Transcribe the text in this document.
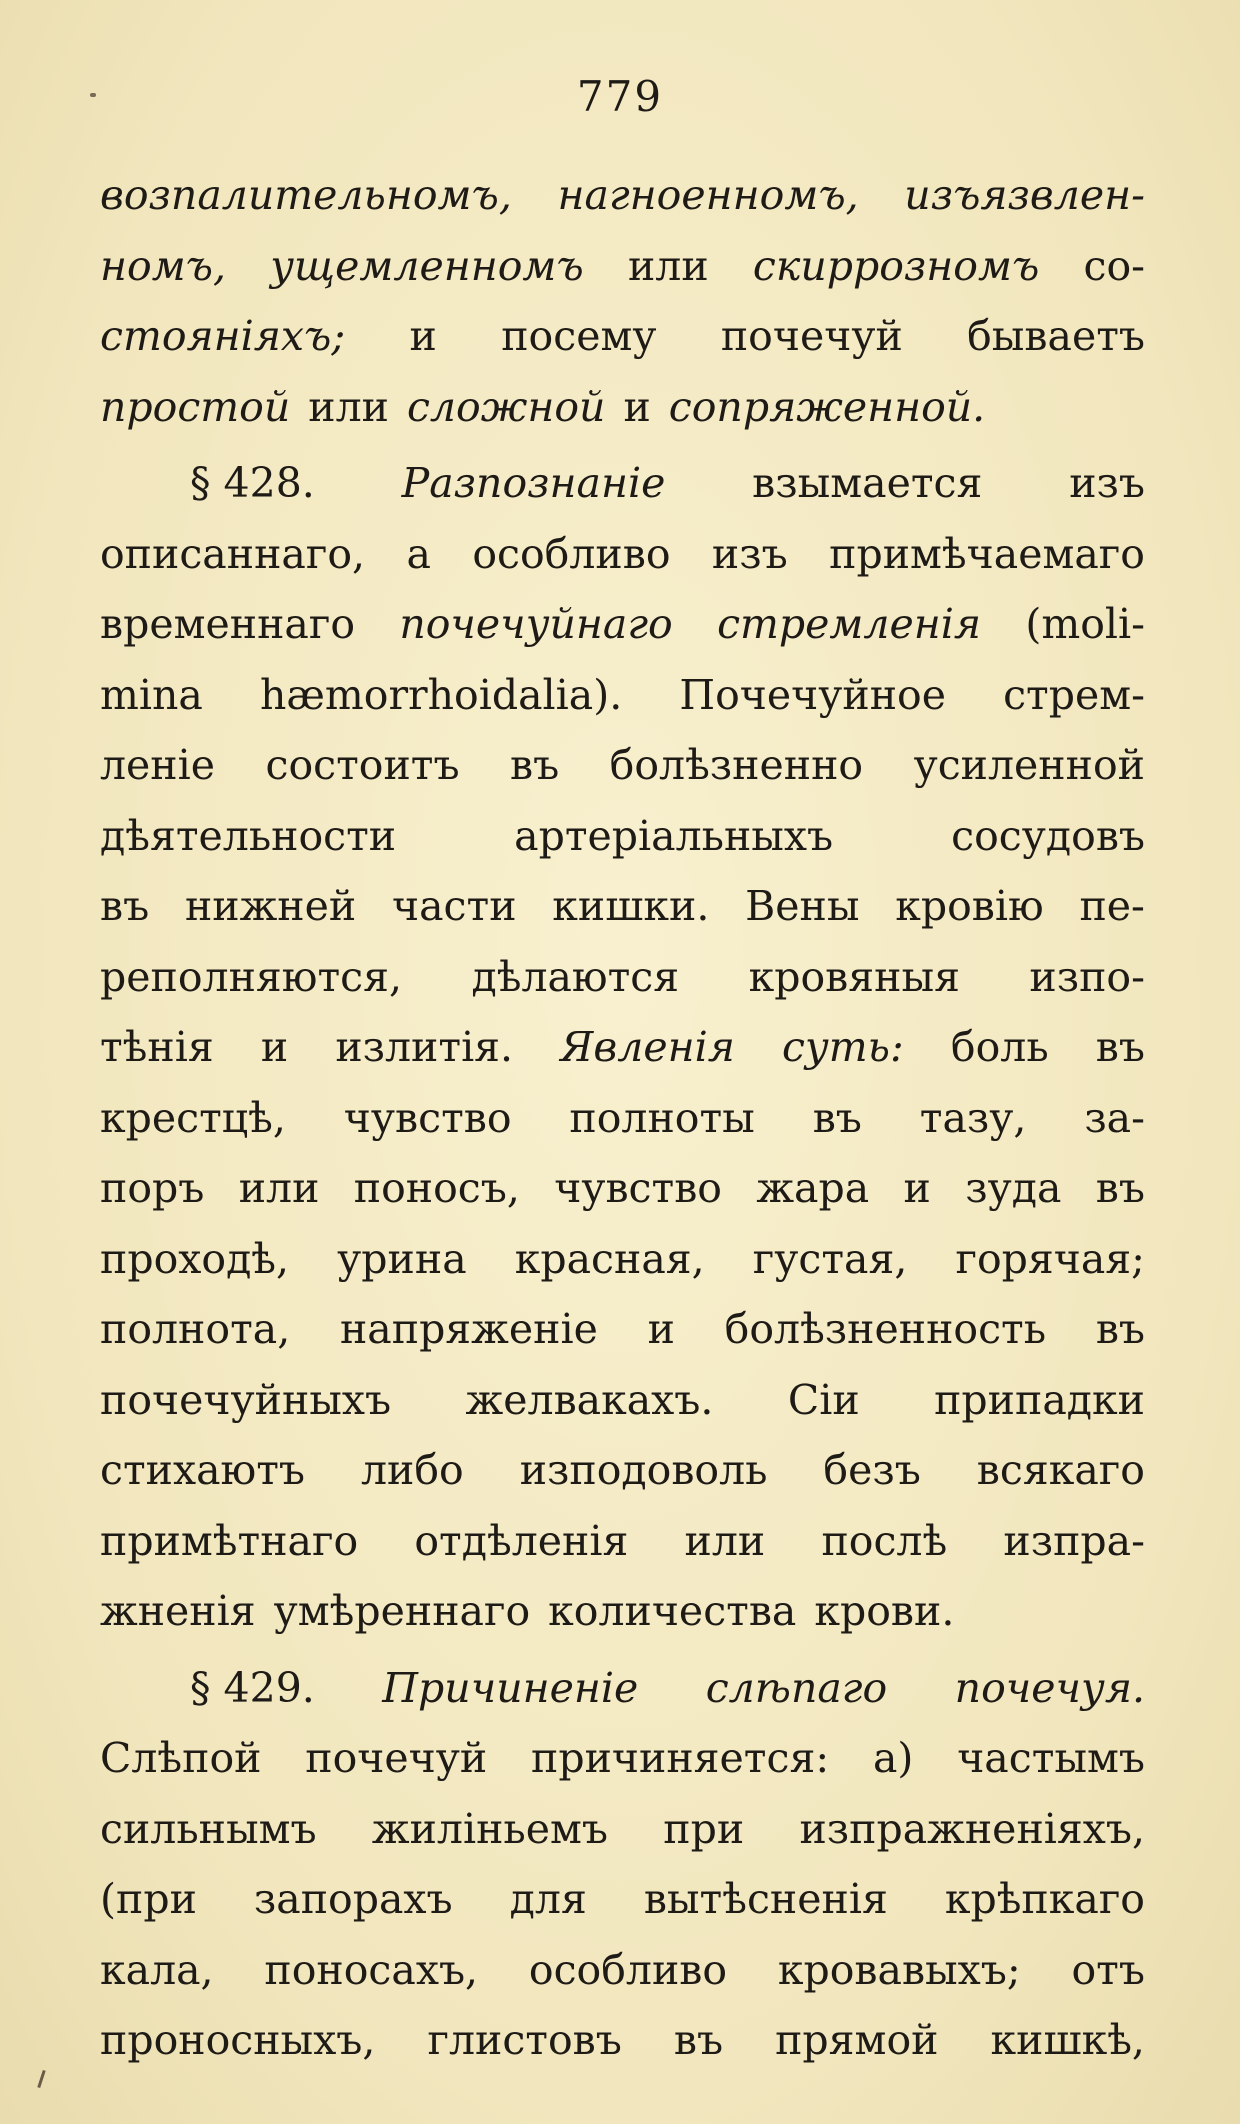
779
возпалительномъ, нагноенномъ, изъязвлен-
номъ, ущемленномъ или скиррозномъ со-
стояніяхъ; и посему почечуй бываетъ
простой или сложной и сопряженной.
§ 428. Разпознаніе взымается изъ
описаннаго, а особливо изъ примѣчаемаго
временнаго почечуйнаго стремленія (moli-
mina hæmorrhoidalia). Почечуйное стрем-
леніе состоитъ въ болѣзненно усиленной
дѣятельности	артеріальныхъ	сосудовъ
въ нижней части кишки. Вены кровію пе-
реполняются, дѣлаются кровяныя изпо-
тѣнія и излитія. Явленія суть: боль въ
крестцѣ, чувство полноты въ тазу, за-
поръ или поносъ, чувство жара и зуда въ
проходѣ, урина красная, густая, горячая;
полнота, напряженіе и болѣзненность въ
почечуйныхъ желвакахъ. Сіи припадки
стихаютъ либо изподоволь безъ всякаго
примѣтнаго отдѣленія или послѣ изпра-
жненія умѣреннаго количества крови.
§ 429. Причиненіе слѣпаго почечуя.
Слѣпой почечуй причиняется: а) частымъ
сильнымъ жиліньемъ при изпражненіяхъ,
(при запорахъ для вытѣсненія крѣпкаго
кала, поносахъ, особливо кровавыхъ; отъ
проносныхъ, глистовъ въ прямой кишкѣ,
